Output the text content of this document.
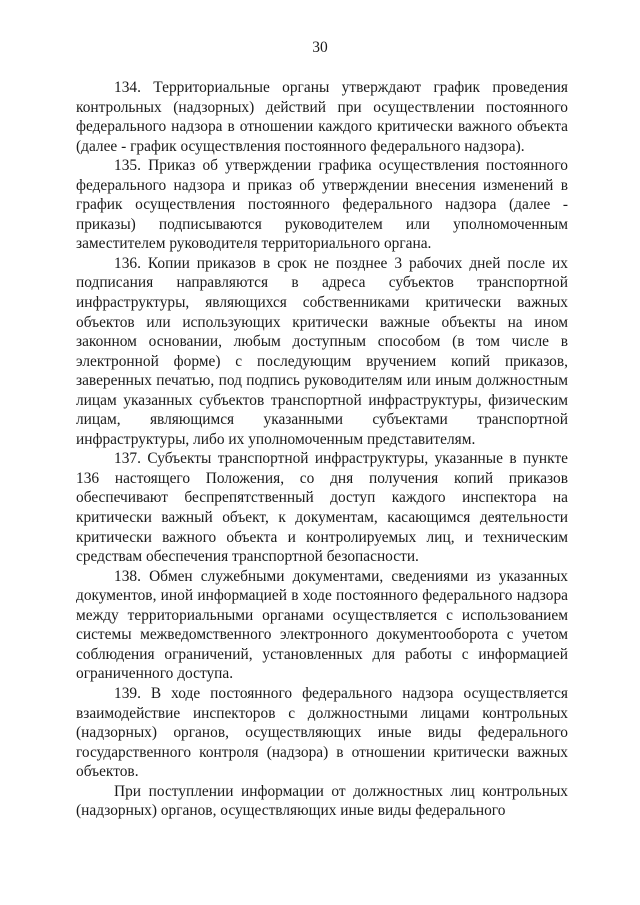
30

134. Территориальные органы утверждают график проведения контрольных (надзорных) действий при осуществлении постоянного федерального надзора в отношении каждого критически важного объекта (далее - график осуществления постоянного федерального надзора).

135. Приказ об утверждении графика осуществления постоянного федерального надзора и приказ об утверждении внесения изменений в график осуществления постоянного федерального надзора (далее - приказы) подписываются руководителем или уполномоченным заместителем руководителя территориального органа.

136. Копии приказов в срок не позднее 3 рабочих дней после их подписания направляются в адреса субъектов транспортной инфраструктуры, являющихся собственниками критически важных объектов или использующих критически важные объекты на ином законном основании, любым доступным способом (в том числе в электронной форме) с последующим вручением копий приказов, заверенных печатью, под подпись руководителям или иным должностным лицам указанных субъектов транспортной инфраструктуры, физическим лицам, являющимся указанными субъектами транспортной инфраструктуры, либо их уполномоченным представителям.

137. Субъекты транспортной инфраструктуры, указанные в пункте 136 настоящего Положения, со дня получения копий приказов обеспечивают беспрепятственный доступ каждого инспектора на критически важный объект, к документам, касающимся деятельности критически важного объекта и контролируемых лиц, и техническим средствам обеспечения транспортной безопасности.

138. Обмен служебными документами, сведениями из указанных документов, иной информацией в ходе постоянного федерального надзора между территориальными органами осуществляется с использованием системы межведомственного электронного документооборота с учетом соблюдения ограничений, установленных для работы с информацией ограниченного доступа.

139. В ходе постоянного федерального надзора осуществляется взаимодействие инспекторов с должностными лицами контрольных (надзорных) органов, осуществляющих иные виды федерального государственного контроля (надзора) в отношении критически важных объектов.

При поступлении информации от должностных лиц контрольных (надзорных) органов, осуществляющих иные виды федерального
